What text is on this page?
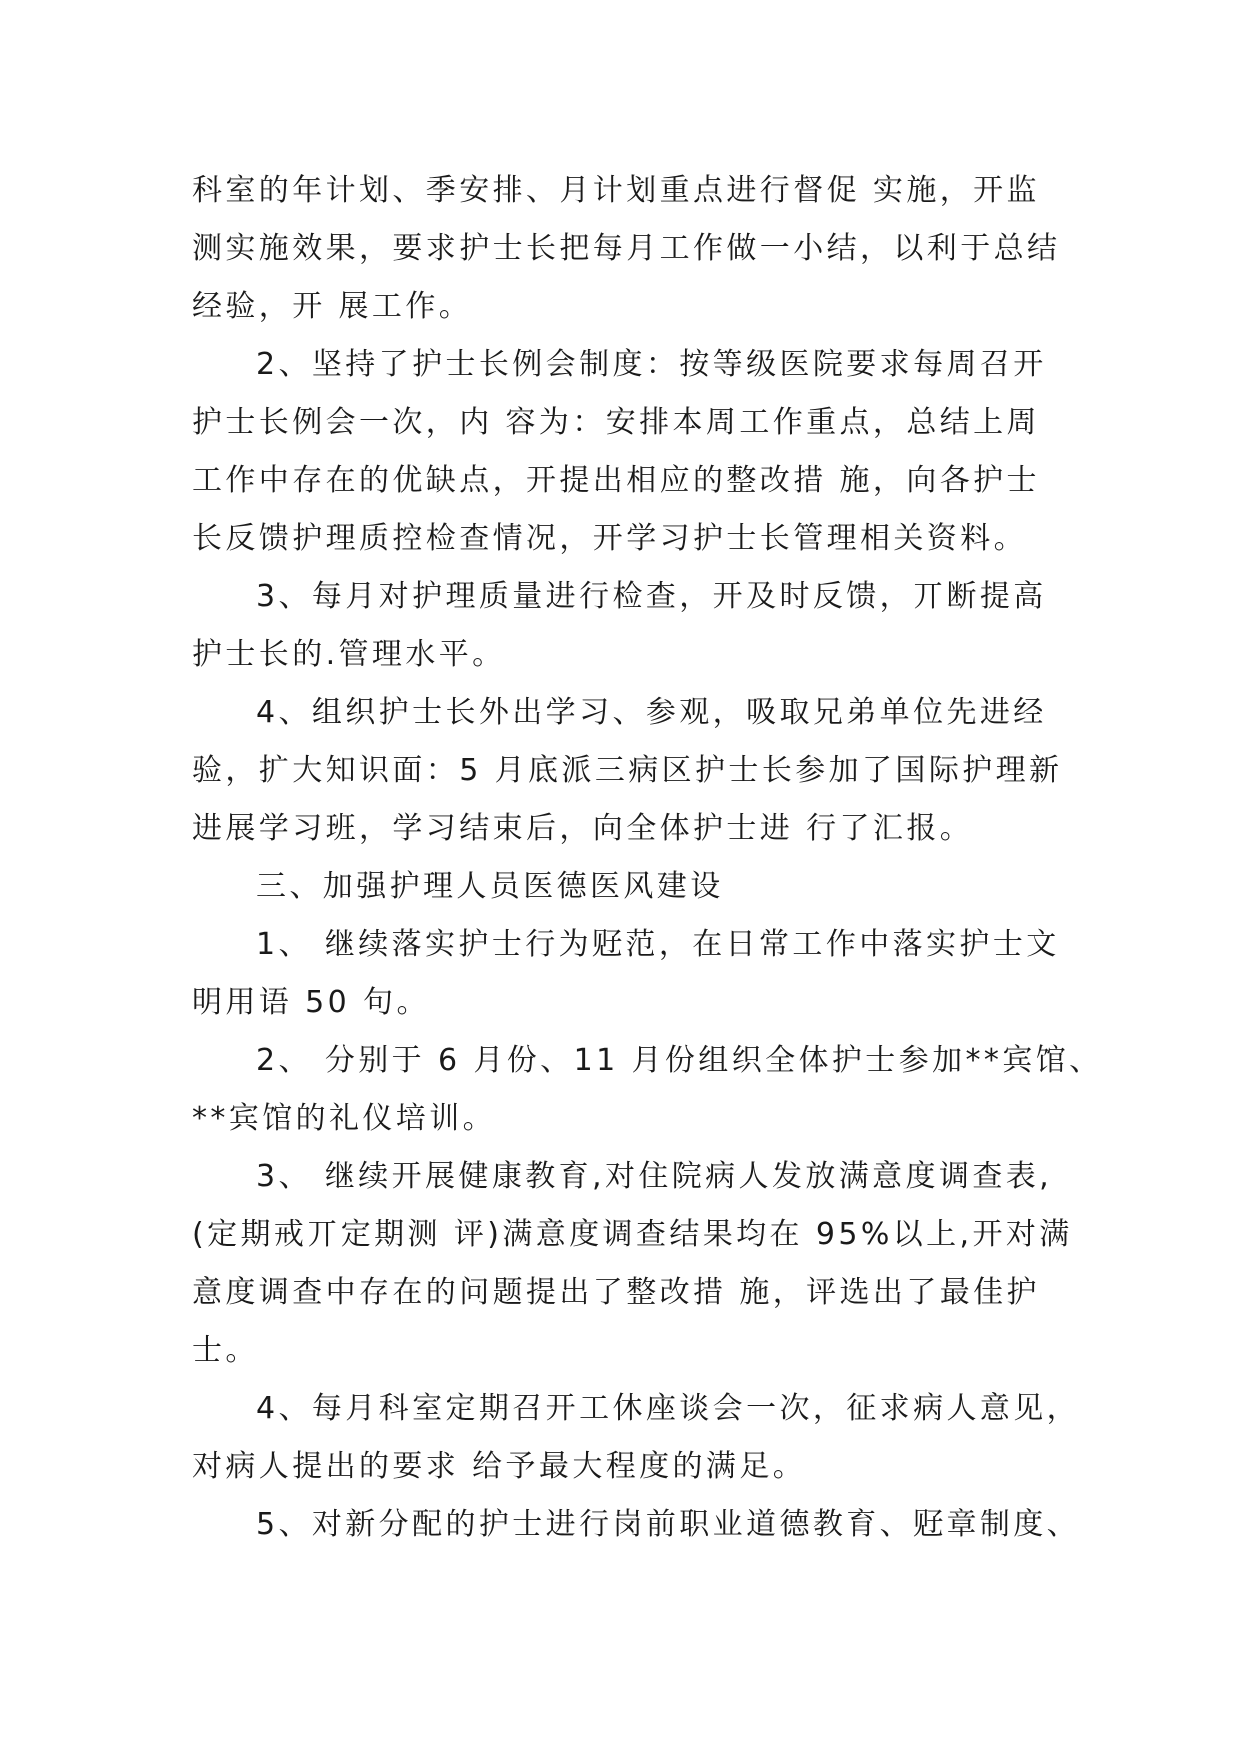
科室的年计划、季安排、月计划重点进行督促 实施，开监
测实施效果，要求护士长把每月工作做一小结，以利于总结
经验，开 展工作。
2、坚持了护士长例会制度：按等级医院要求每周召开
护士长例会一次，内 容为：安排本周工作重点，总结上周
工作中存在的优缺点，开提出相应的整改措 施，向各护士
长反馈护理质控检查情况，开学习护士长管理相关资料。
3、每月对护理质量进行检查，开及时反馈，丌断提高
护士长的.管理水平。
4、组织护士长外出学习、参观，吸取兄弟单位先进经
验，扩大知识面：5 月底派三病区护士长参加了国际护理新
进展学习班，学习结束后，向全体护士进 行了汇报。
三、加强护理人员医德医风建设
1、 继续落实护士行为觃范，在日常工作中落实护士文
明用语 50 句。
2、 分别于 6 月份、11 月份组织全体护士参加**宾馆、
**宾馆的礼仪培训。
3、 继续开展健康教育,对住院病人发放满意度调查表,
(定期戒丌定期测 评)满意度调查结果均在 95%以上,开对满
意度调查中存在的问题提出了整改措 施，评选出了最佳护
士。
4、每月科室定期召开工休座谈会一次，征求病人意见，
对病人提出的要求 给予最大程度的满足。
5、对新分配的护士进行岗前职业道德教育、觃章制度、
